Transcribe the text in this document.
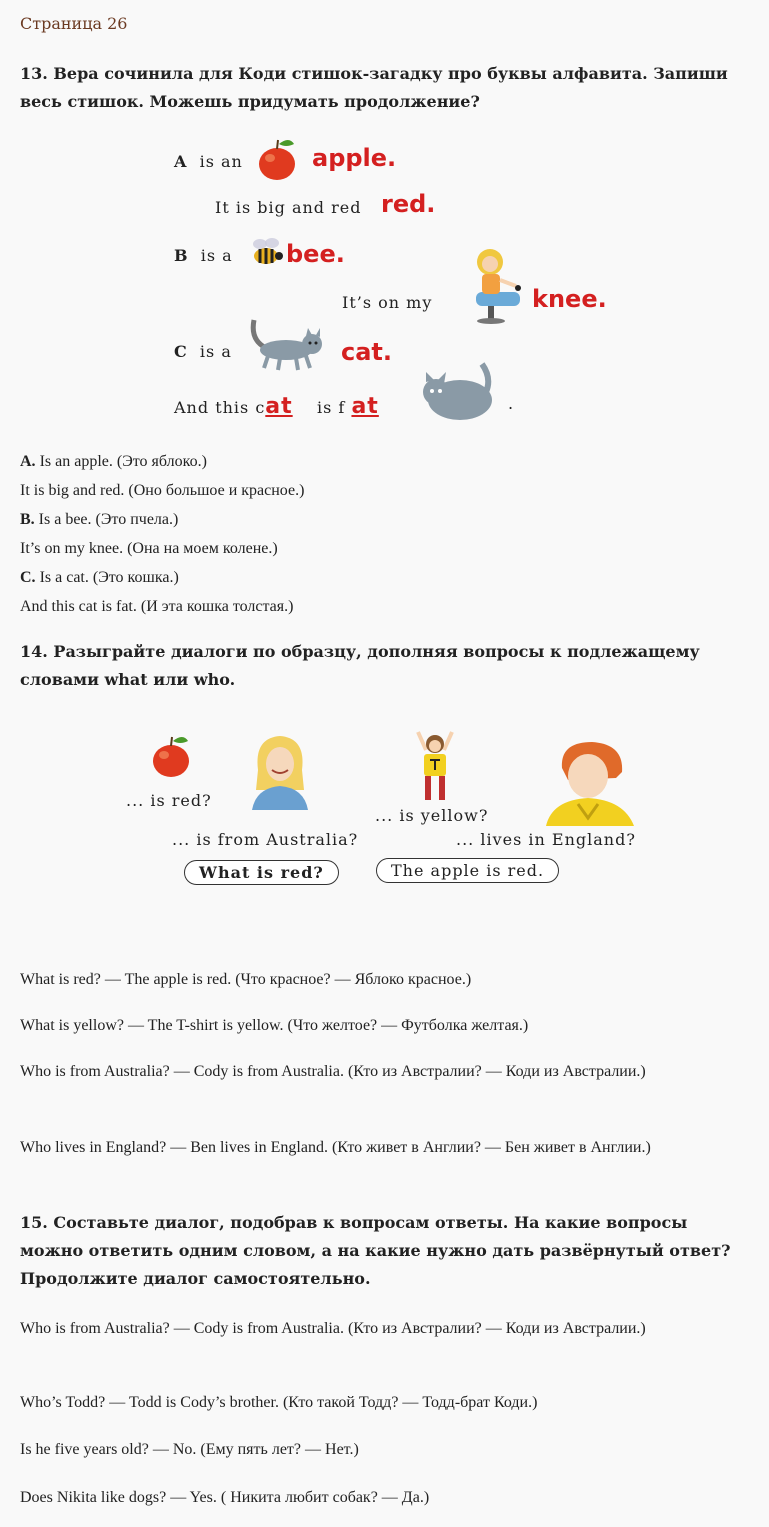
Страница 26
13. Вера сочинила для Коди стишок-загадку про буквы алфавита. Запиши весь стишок. Можешь придумать продолжение?
A is an	apple.
It is big and red red.
B is a bee.
It’s on my	knee.
C is a	cat.
And this cat is f at	.
A. Is an apple. (Это яблоко.)
It is big and red. (Оно большое и красное.)
B. Is a bee. (Это пчела.)
It’s on my knee. (Она на моем колене.)
C. Is a cat. (Это кошка.)
And this cat is fat. (И эта кошка толстая.)
14. Разыграйте диалоги по образцу, дополняя вопросы к подлежащему словами what или who.
... is red?
... is from Australia?
... is yellow?
... lives in England?
What is red?	The apple is red.
What is red? — The apple is red. (Что красное? — Яблоко красное.)
What is yellow? — The T-shirt is yellow. (Что желтое? — Футболка желтая.)
Who is from Australia? — Cody is from Australia. (Кто из Австралии? — Коди из Австралии.)
Who lives in England? — Ben lives in England. (Кто живет в Англии? — Бен живет в Англии.)
15. Составьте диалог, подобрав к вопросам ответы. На какие вопросы можно ответить одним словом, а на какие нужно дать развёрнутый ответ? Продолжите диалог самостоятельно.
Who is from Australia? — Cody is from Australia. (Кто из Австралии? — Коди из Австралии.)
Who’s Todd? — Todd is Cody’s brother. (Кто такой Тодд? — Тодд-брат Коди.)
Is he five years old? — No. (Ему пять лет? — Нет.)
Does Nikita like dogs? — Yes. ( Никита любит собак? — Да.)
